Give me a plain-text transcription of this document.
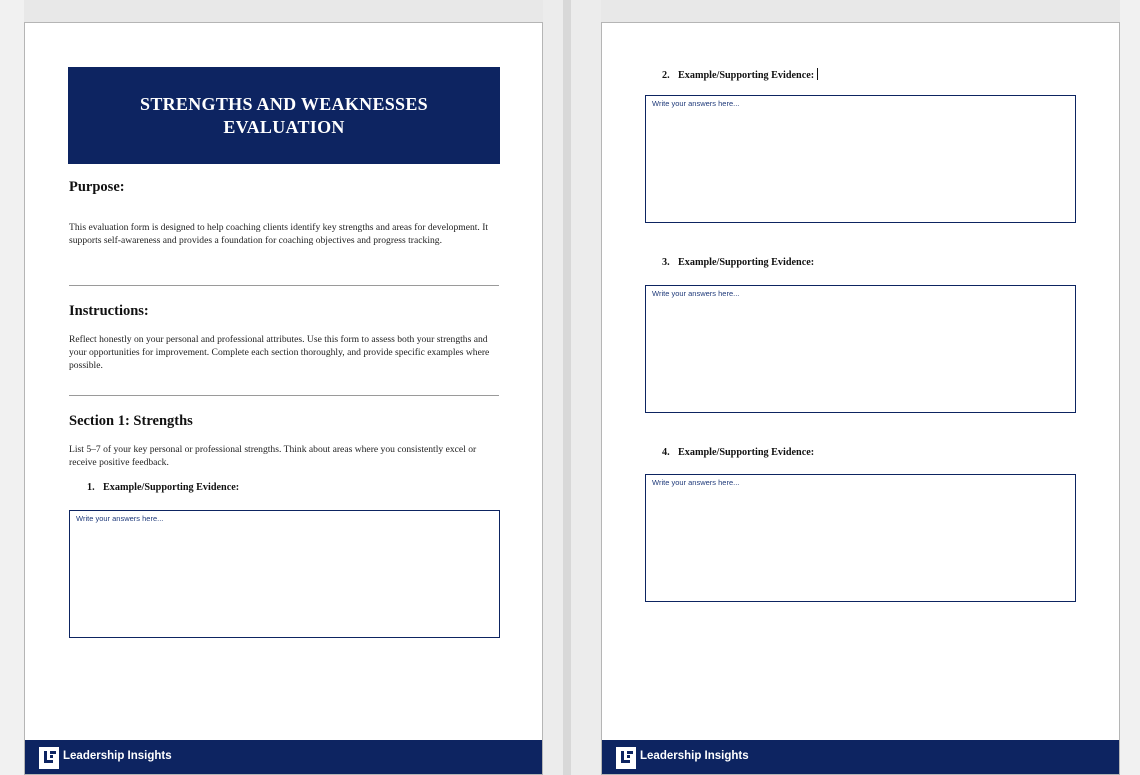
STRENGTHS AND WEAKNESSES EVALUATION
Purpose:
This evaluation form is designed to help coaching clients identify key strengths and areas for development. It supports self-awareness and provides a foundation for coaching objectives and progress tracking.
Instructions:
Reflect honestly on your personal and professional attributes. Use this form to assess both your strengths and your opportunities for improvement. Complete each section thoroughly, and provide specific examples where possible.
Section 1: Strengths
List 5–7 of your key personal or professional strengths. Think about areas where you consistently excel or receive positive feedback.
1. Example/Supporting Evidence:
Write your answers here...
Leadership Insights
2. Example/Supporting Evidence:
Write your answers here...
3. Example/Supporting Evidence:
Write your answers here...
4. Example/Supporting Evidence:
Write your answers here...
Leadership Insights
